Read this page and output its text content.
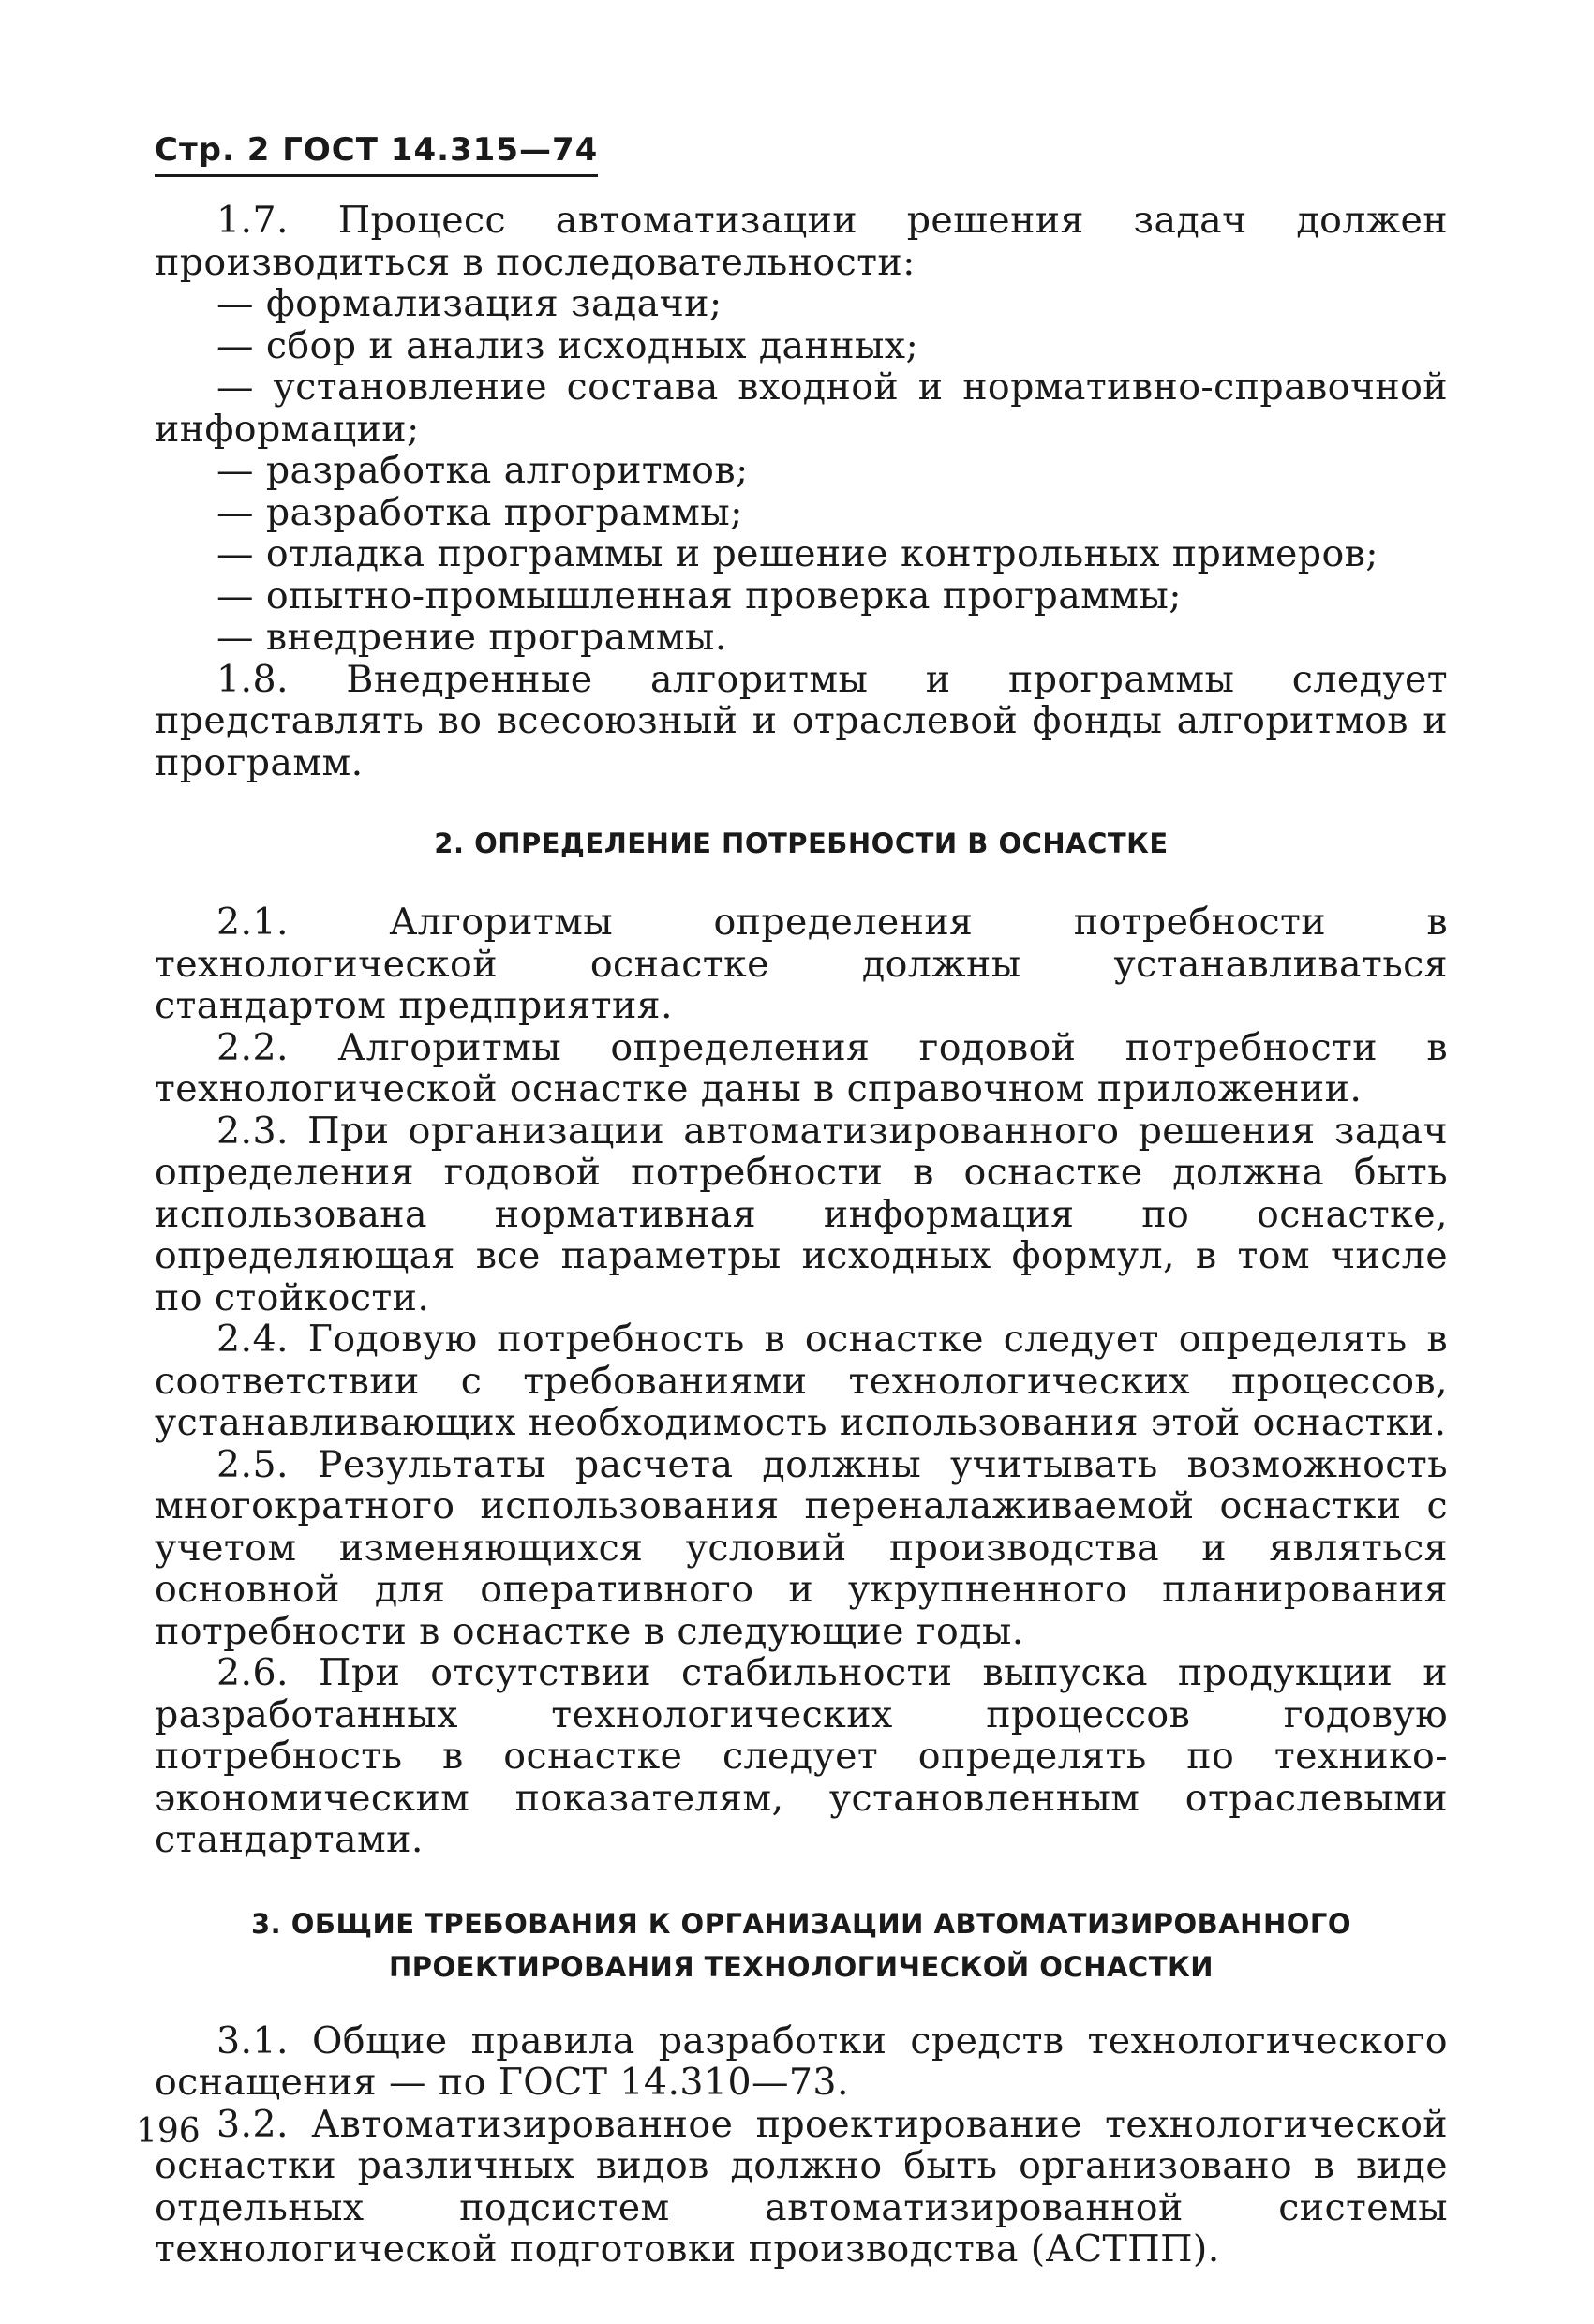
Стр. 2 ГОСТ 14.315—74

1.7. Процесс автоматизации решения задач должен производиться в последовательности:

— формализация задачи;

— сбор и анализ исходных данных;

— установление состава входной и нормативно-справочной информации;

— разработка алгоритмов;

— разработка программы;

— отладка программы и решение контрольных примеров;

— опытно-промышленная проверка программы;

— внедрение программы.

1.8. Внедренные алгоритмы и программы следует представлять во всесоюзный и отраслевой фонды алгоритмов и программ.

2. ОПРЕДЕЛЕНИЕ ПОТРЕБНОСТИ В ОСНАСТКЕ

2.1. Алгоритмы определения потребности в технологической оснастке должны устанавливаться стандартом предприятия.

2.2. Алгоритмы определения годовой потребности в технологической оснастке даны в справочном приложении.

2.3. При организации автоматизированного решения задач определения годовой потребности в оснастке должна быть использована нормативная информация по оснастке, определяющая все параметры исходных формул, в том числе по стойкости.

2.4. Годовую потребность в оснастке следует определять в соответствии с требованиями технологических процессов, устанавливающих необходимость использования этой оснастки.

2.5. Результаты расчета должны учитывать возможность многократного использования переналаживаемой оснастки с учетом изменяющихся условий производства и являться основной для оперативного и укрупненного планирования потребности в оснастке в следующие годы.

2.6. При отсутствии стабильности выпуска продукции и разработанных технологических процессов годовую потребность в оснастке следует определять по технико-экономическим показателям, установленным отраслевыми стандартами.

3. ОБЩИЕ ТРЕБОВАНИЯ К ОРГАНИЗАЦИИ АВТОМАТИЗИРОВАННОГО
ПРОЕКТИРОВАНИЯ ТЕХНОЛОГИЧЕСКОЙ ОСНАСТКИ

3.1. Общие правила разработки средств технологического оснащения — по ГОСТ 14.310—73.

3.2. Автоматизированное проектирование технологической оснастки различных видов должно быть организовано в виде отдельных подсистем автоматизированной системы технологической подготовки производства (АСТПП).

196
